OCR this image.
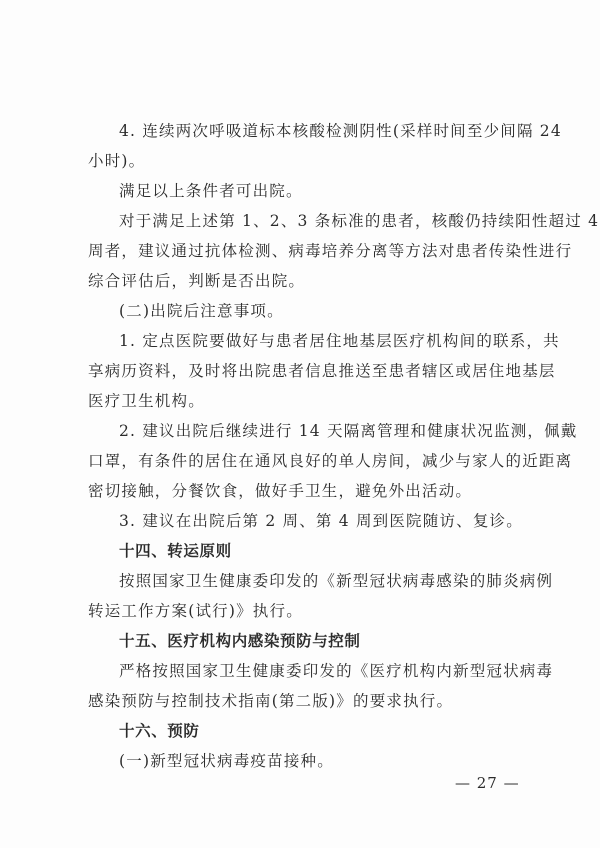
4. 连续两次呼吸道标本核酸检测阴性(采样时间至少间隔 24
小时)。
满足以上条件者可出院。
对于满足上述第 1、2、3 条标准的患者，核酸仍持续阳性超过 4
周者，建议通过抗体检测、病毒培养分离等方法对患者传染性进行
综合评估后，判断是否出院。
(二)出院后注意事项。
1. 定点医院要做好与患者居住地基层医疗机构间的联系，共
享病历资料，及时将出院患者信息推送至患者辖区或居住地基层
医疗卫生机构。
2. 建议出院后继续进行 14 天隔离管理和健康状况监测，佩戴
口罩，有条件的居住在通风良好的单人房间，减少与家人的近距离
密切接触，分餐饮食，做好手卫生，避免外出活动。
3. 建议在出院后第 2 周、第 4 周到医院随访、复诊。
十四、转运原则
按照国家卫生健康委印发的《新型冠状病毒感染的肺炎病例
转运工作方案(试行)》执行。
十五、医疗机构内感染预防与控制
严格按照国家卫生健康委印发的《医疗机构内新型冠状病毒
感染预防与控制技术指南(第二版)》的要求执行。
十六、预防
(一)新型冠状病毒疫苗接种。
— 27 —
